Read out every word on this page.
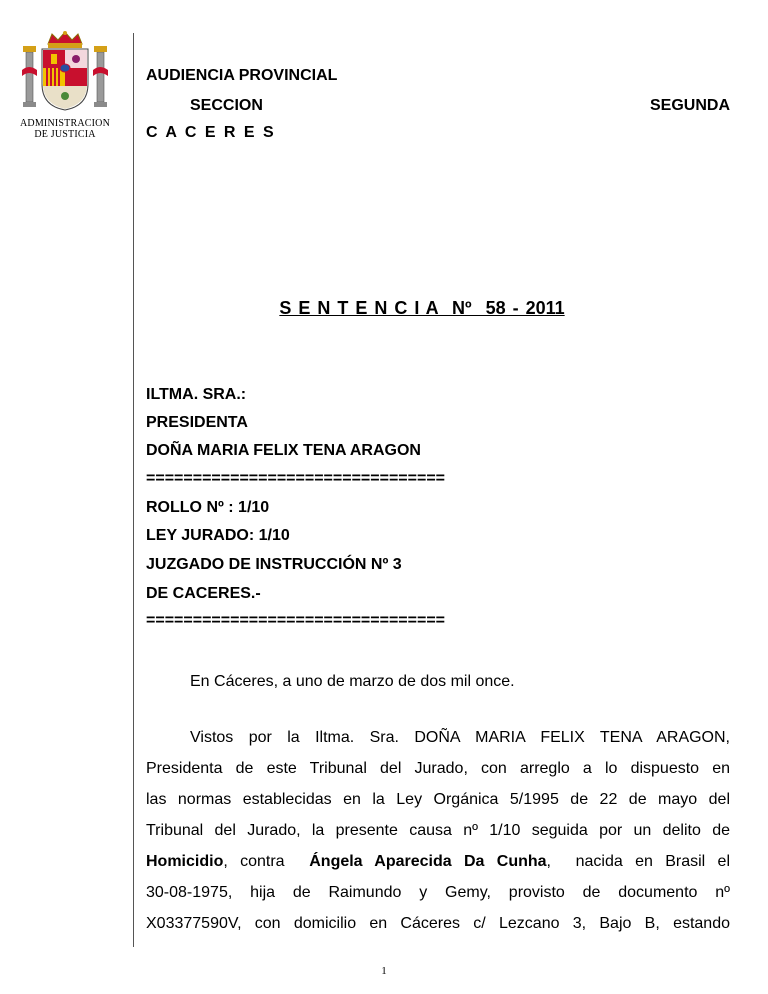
ADMINISTRACION
DE JUSTICIA
AUDIENCIA PROVINCIAL
SECCION	SEGUNDA
C A C E R E S
S E N T E N C I A  Nº  58 - 2011
ILTMA. SRA.:
PRESIDENTA
DOÑA MARIA FELIX TENA ARAGON
================================
ROLLO Nº : 1/10
LEY JURADO: 1/10
JUZGADO DE INSTRUCCIÓN Nº 3
DE CACERES.-
================================
En Cáceres, a uno de marzo de dos mil once.
Vistos por la Iltma. Sra. DOÑA MARIA FELIX TENA ARAGON,
Presidenta de este Tribunal del Jurado, con arreglo a lo dispuesto en
las normas establecidas en la Ley Orgánica 5/1995 de 22 de mayo del
Tribunal del Jurado, la presente causa nº 1/10 seguida por un delito de
Homicidio, contra  Ángela Aparecida Da Cunha,  nacida en Brasil el
30-08-1975, hija de Raimundo y Gemy, provisto de documento nº
X03377590V, con domicilio en Cáceres c/ Lezcano 3, Bajo B, estando
1
